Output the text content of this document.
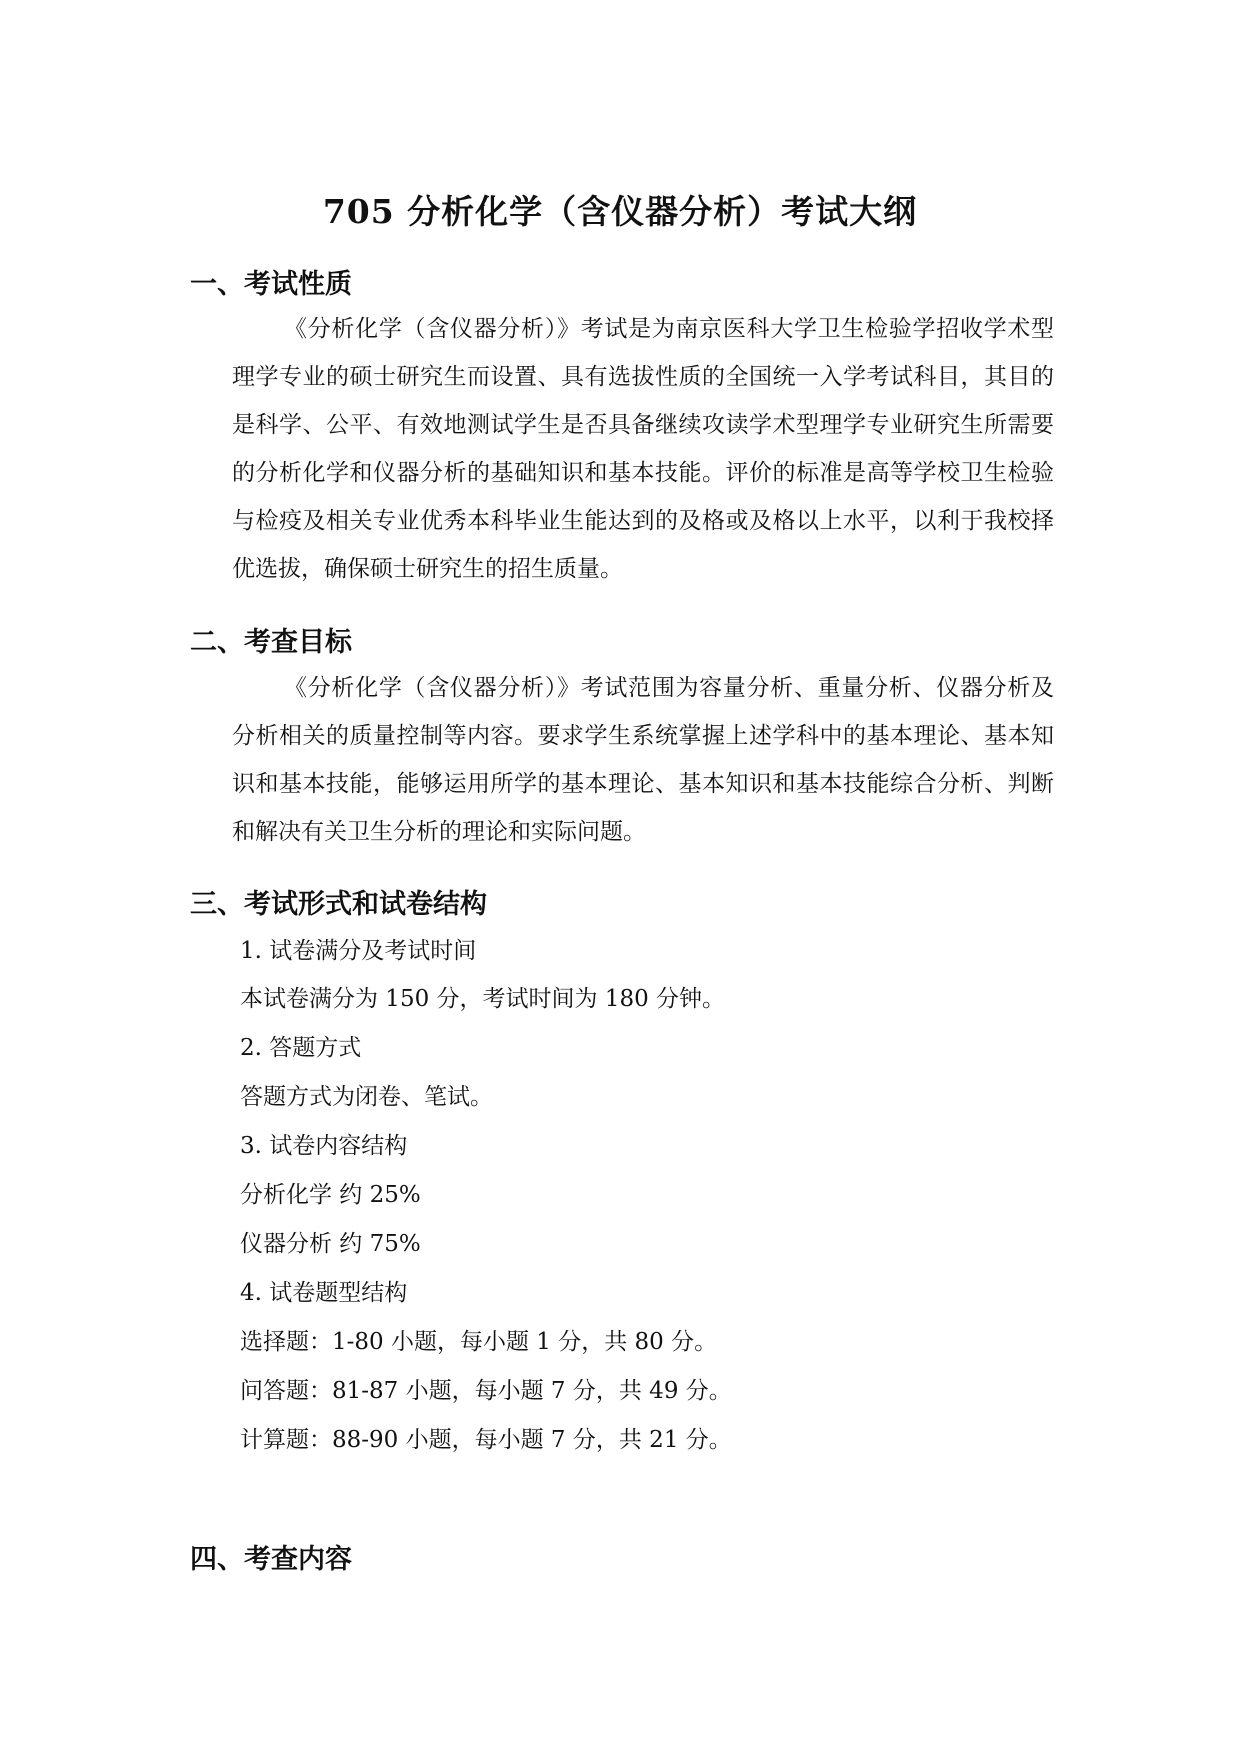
705 分析化学（含仪器分析）考试大纲
一、考试性质
《分析化学（含仪器分析）》考试是为南京医科大学卫生检验学招收学术型理学专业的硕士研究生而设置、具有选拔性质的全国统一入学考试科目，其目的是科学、公平、有效地测试学生是否具备继续攻读学术型理学专业研究生所需要的分析化学和仪器分析的基础知识和基本技能。评价的标准是高等学校卫生检验与检疫及相关专业优秀本科毕业生能达到的及格或及格以上水平，以利于我校择优选拔，确保硕士研究生的招生质量。
二、考查目标
《分析化学（含仪器分析）》考试范围为容量分析、重量分析、仪器分析及分析相关的质量控制等内容。要求学生系统掌握上述学科中的基本理论、基本知识和基本技能，能够运用所学的基本理论、基本知识和基本技能综合分析、判断和解决有关卫生分析的理论和实际问题。
三、考试形式和试卷结构
1. 试卷满分及考试时间
本试卷满分为 150 分，考试时间为 180 分钟。
2. 答题方式
答题方式为闭卷、笔试。
3. 试卷内容结构
分析化学 约 25%
仪器分析 约 75%
4. 试卷题型结构
选择题：1-80 小题，每小题 1 分，共 80 分。
问答题：81-87 小题，每小题 7 分，共 49 分。
计算题：88-90 小题，每小题 7 分，共 21 分。
四、考查内容
